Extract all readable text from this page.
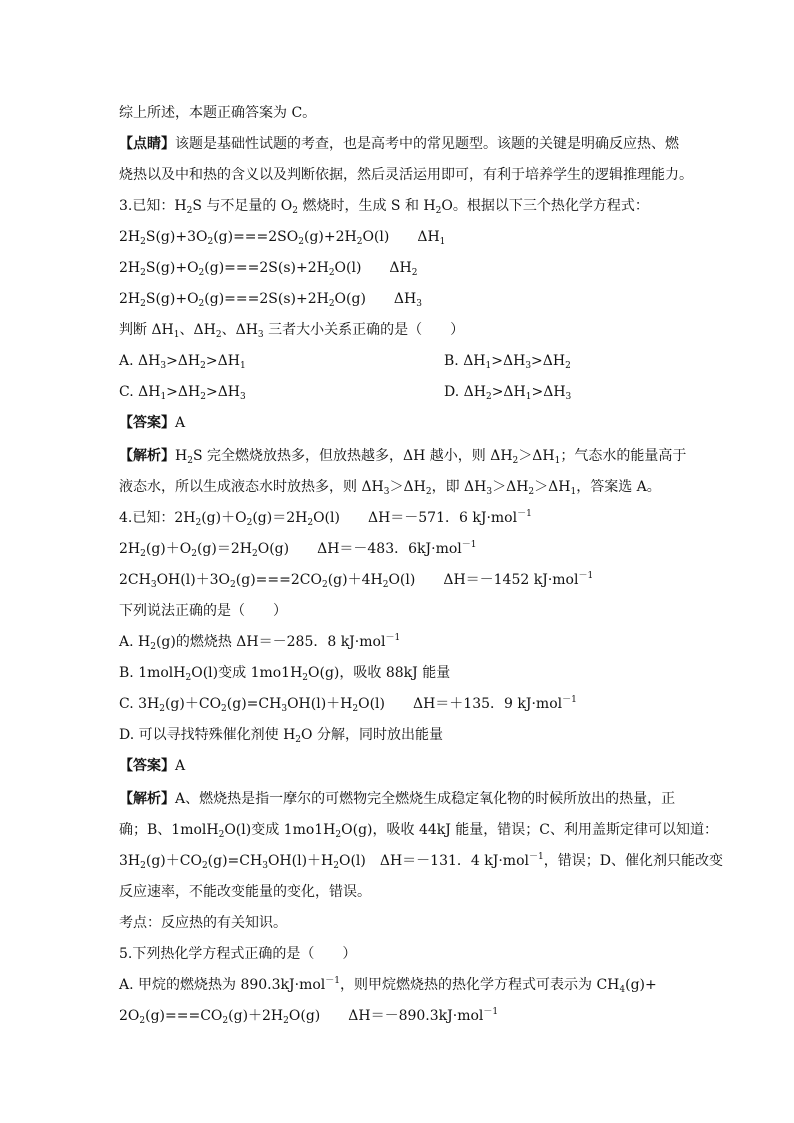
综上所述，本题正确答案为 C。
【点睛】该题是基础性试题的考查，也是高考中的常见题型。该题的关键是明确反应热、燃
烧热以及中和热的含义以及判断依据，然后灵活运用即可，有利于培养学生的逻辑推理能力。
3.已知：$H_2S$ 与不足量的 $O_2$ 燃烧时，生成 S 和 $H_2O$。根据以下三个热化学方程式：
$2H_2S(g)+3O_2(g)===2SO_2(g)+2H_2O(l)$　　$\Delta H_1$
$2H_2S(g)+O_2(g)===2S(s)+2H_2O(l)$　　$\Delta H_2$
$2H_2S(g)+O_2(g)===2S(s)+2H_2O(g)$　　$\Delta H_3$
判断 $\Delta H_1$、$\Delta H_2$、$\Delta H_3$ 三者大小关系正确的是（　　）
A. $\Delta H_3>\Delta H_2>\Delta H_1$	B. $\Delta H_1>\Delta H_3>\Delta H_2$
C. $\Delta H_1>\Delta H_2>\Delta H_3$	D. $\Delta H_2>\Delta H_1>\Delta H_3$
【答案】A
【解析】$H_2S$ 完全燃烧放热多，但放热越多，ΔH 越小，则 $\Delta H_2>\Delta H_1$；气态水的能量高于
液态水，所以生成液态水时放热多，则 $\Delta H_3>\Delta H_2$，即 $\Delta H_3>\Delta H_2>\Delta H_1$，答案选 A。
4.已知：$2H_2(g)+O_2(g)=2H_2O(l)$　　ΔH＝－571．6 kJ·mol$^{-1}$
$2H_2(g)+O_2(g)=2H_2O(g)$　　ΔH＝－483．6kJ·mol$^{-1}$
$2CH_3OH(l)+3O_2(g)===2CO_2(g)+4H_2O(l)$　　ΔH＝－1452 kJ·mol$^{-1}$
下列说法正确的是（　　）
A. $H_2(g)$的燃烧热 ΔH＝－285．8 kJ·mol$^{-1}$
B. 1molH$_2$O(l)变成 $1mo1H_2O(g)$，吸收 88kJ 能量
C. $3H_2(g)+CO_2(g)=CH_3OH(l)+H_2O(l)$　　ΔH＝＋135．9 kJ·mol$^{-1}$
D. 可以寻找特殊催化剂使 $H_2O$ 分解，同时放出能量
【答案】A
【解析】A、燃烧热是指一摩尔的可燃物完全燃烧生成稳定氧化物的时候所放出的热量，正
确；B、1molH$_2$O(l)变成 $1mo1H_2O(g)$，吸收 44kJ 能量，错误；C、利用盖斯定律可以知道：
$3H_2(g)+CO_2(g)=CH_3OH(l)+H_2O(l)$　ΔH＝－131．4 kJ·mol$^{-1}$，错误；D、催化剂只能改变
反应速率，不能改变能量的变化，错误。
考点：反应热的有关知识。
5.下列热化学方程式正确的是（　　）
A. 甲烷的燃烧热为 890.3kJ·mol$^{-1}$，则甲烷燃烧热的热化学方程式可表示为 $CH_4(g)+$
$2O_2(g)===CO_2(g)+2H_2O(g)$　　ΔH＝－890.3kJ·mol$^{-1}$
